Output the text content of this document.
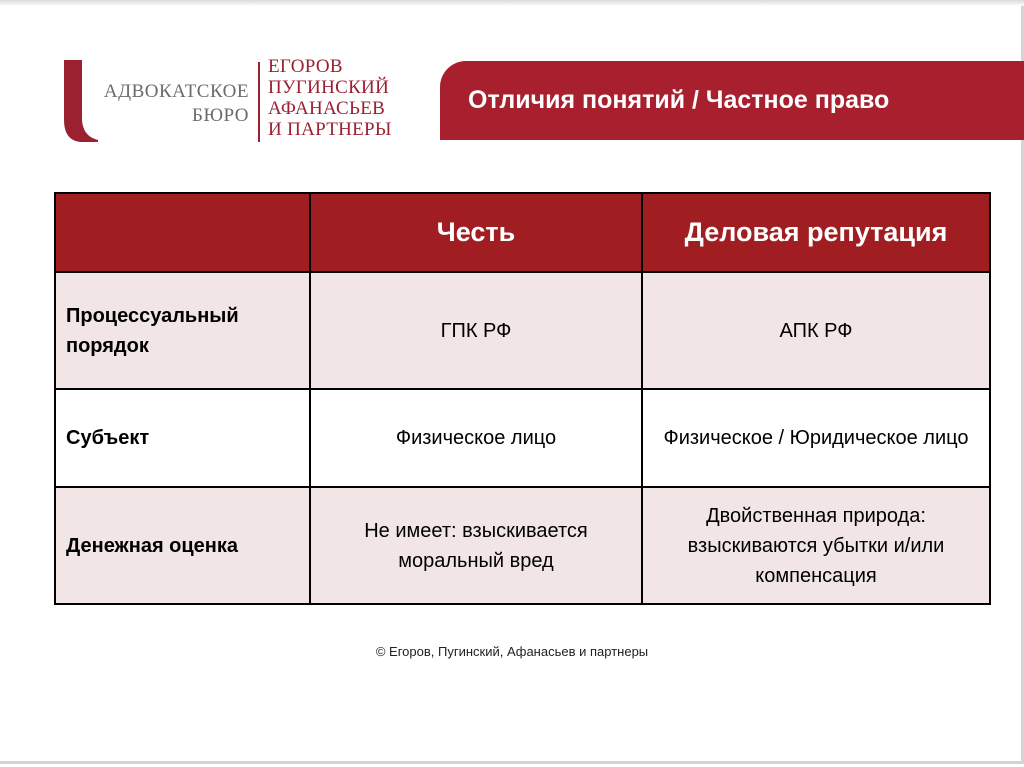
АДВОКАТСКОЕ
БЮРО
ЕГОРОВ
ПУГИНСКИЙ
АФАНАСЬЕВ
И ПАРТНЕРЫ
Отличия понятий / Частное право
	Честь	Деловая репутация
Процессуальный порядок	ГПК РФ	АПК РФ
Субъект	Физическое лицо	Физическое / Юридическое лицо
Денежная оценка	Не имеет: взыскивается моральный вред	Двойственная природа: взыскиваются убытки и/или компенсация
© Егоров, Пугинский, Афанасьев и партнеры
